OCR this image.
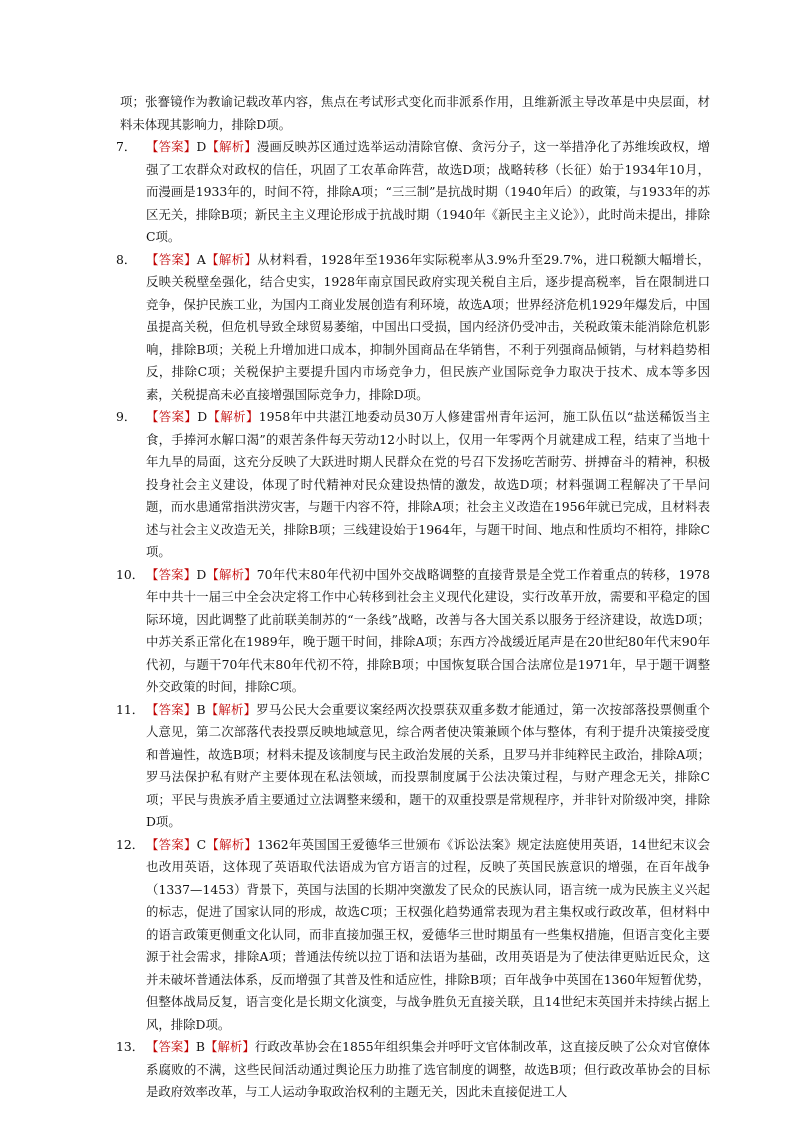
项；张謇镜作为教谕记载改革内容，焦点在考试形式变化而非派系作用，且维新派主导改革是中央层面，材料未体现其影响力，排除D项。

7． 【答案】D【解析】漫画反映苏区通过选举运动清除官僚、贪污分子，这一举措净化了苏维埃政权，增强了工农群众对政权的信任，巩固了工农革命阵营，故选D项；战略转移（长征）始于1934年10月，而漫画是1933年的，时间不符，排除A项；“三三制”是抗战时期（1940年后）的政策，与1933年的苏区无关，排除B项；新民主主义理论形成于抗战时期（1940年《新民主主义论》），此时尚未提出，排除C项。

8． 【答案】A【解析】从材料看，1928年至1936年实际税率从3.9%升至29.7%，进口税额大幅增长，反映关税壁垒强化，结合史实，1928年南京国民政府实现关税自主后，逐步提高税率，旨在限制进口竞争，保护民族工业，为国内工商业发展创造有利环境，故选A项；世界经济危机1929年爆发后，中国虽提高关税，但危机导致全球贸易萎缩，中国出口受损，国内经济仍受冲击，关税政策未能消除危机影响，排除B项；关税上升增加进口成本，抑制外国商品在华销售，不利于列强商品倾销，与材料趋势相反，排除C项；关税保护主要提升国内市场竞争力，但民族产业国际竞争力取决于技术、成本等多因素，关税提高未必直接增强国际竞争力，排除D项。

9． 【答案】D【解析】1958年中共湛江地委动员30万人修建雷州青年运河，施工队伍以“盐送稀饭当主食，手捧河水解口渴”的艰苦条件每天劳动12小时以上，仅用一年零两个月就建成工程，结束了当地十年九旱的局面，这充分反映了大跃进时期人民群众在党的号召下发扬吃苦耐劳、拼搏奋斗的精神，积极投身社会主义建设，体现了时代精神对民众建设热情的激发，故选D项；材料强调工程解决了干旱问题，而水患通常指洪涝灾害，与题干内容不符，排除A项；社会主义改造在1956年就已完成，且材料表述与社会主义改造无关，排除B项；三线建设始于1964年，与题干时间、地点和性质均不相符，排除C项。

10． 【答案】D【解析】70年代末80年代初中国外交战略调整的直接背景是全党工作着重点的转移，1978年中共十一届三中全会决定将工作中心转移到社会主义现代化建设，实行改革开放，需要和平稳定的国际环境，因此调整了此前联美制苏的“一条线”战略，改善与各大国关系以服务于经济建设，故选D项；中苏关系正常化在1989年，晚于题干时间，排除A项；东西方冷战缓近尾声是在20世纪80年代末90年代初，与题干70年代末80年代初不符，排除B项；中国恢复联合国合法席位是1971年，早于题干调整外交政策的时间，排除C项。

11． 【答案】B【解析】罗马公民大会重要议案经两次投票获双重多数才能通过，第一次按部落投票侧重个人意见，第二次部落代表投票反映地域意见，综合两者使决策兼顾个体与整体，有利于提升决策接受度和普遍性，故选B项；材料未提及该制度与民主政治发展的关系，且罗马并非纯粹民主政治，排除A项；罗马法保护私有财产主要体现在私法领域，而投票制度属于公法决策过程，与财产理念无关，排除C项；平民与贵族矛盾主要通过立法调整来缓和，题干的双重投票是常规程序，并非针对阶级冲突，排除D项。

12． 【答案】C【解析】1362年英国国王爱德华三世颁布《诉讼法案》规定法庭使用英语，14世纪末议会也改用英语，这体现了英语取代法语成为官方语言的过程，反映了英国民族意识的增强，在百年战争（1337—1453）背景下，英国与法国的长期冲突激发了民众的民族认同，语言统一成为民族主义兴起的标志，促进了国家认同的形成，故选C项；王权强化趋势通常表现为君主集权或行政改革，但材料中的语言政策更侧重文化认同，而非直接加强王权，爱德华三世时期虽有一些集权措施，但语言变化主要源于社会需求，排除A项；普通法传统以拉丁语和法语为基础，改用英语是为了使法律更贴近民众，这并未破坏普通法体系，反而增强了其普及性和适应性，排除B项；百年战争中英国在1360年短暂优势，但整体战局反复，语言变化是长期文化演变，与战争胜负无直接关联，且14世纪末英国并未持续占据上风，排除D项。

13． 【答案】B【解析】行政改革协会在1855年组织集会并呼吁文官体制改革，这直接反映了公众对官僚体系腐败的不满，这些民间活动通过舆论压力助推了选官制度的调整，故选B项；但行政改革协会的目标是政府效率改革，与工人运动争取政治权利的主题无关，因此未直接促进工人
